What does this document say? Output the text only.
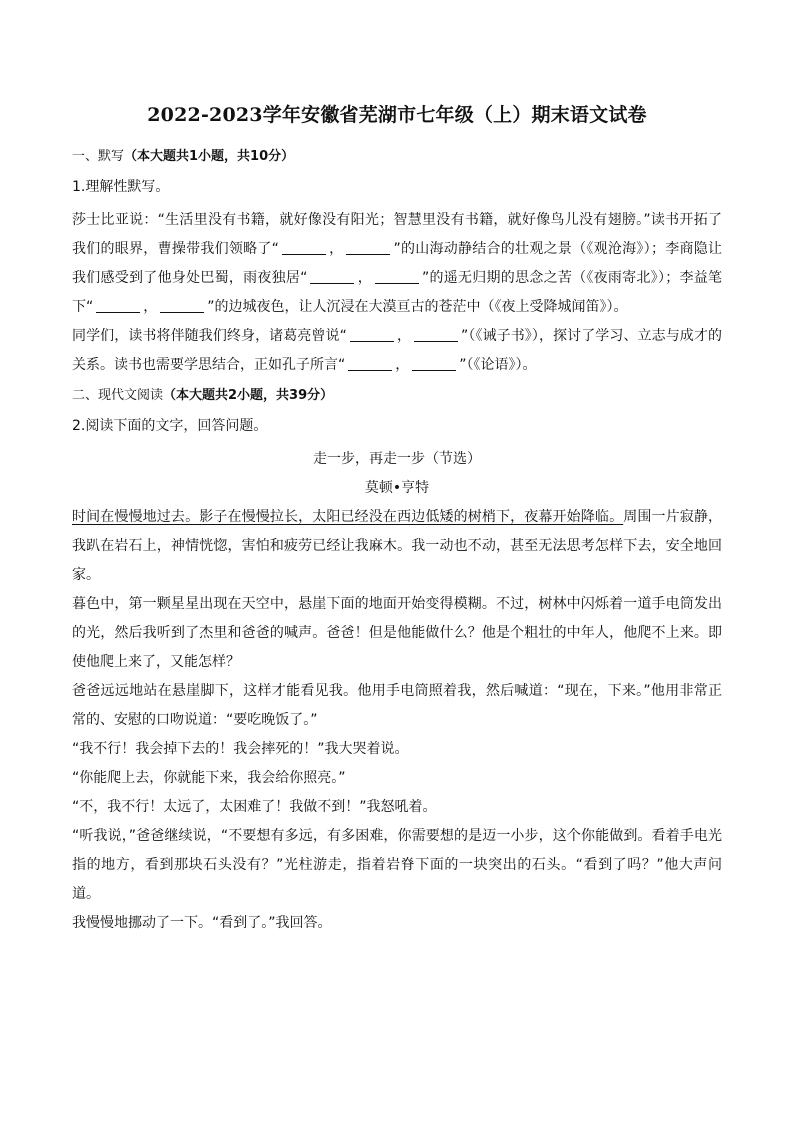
2022-2023学年安徽省芜湖市七年级（上）期末语文试卷
一、默写（本大题共1小题，共10分）
1.理解性默写。

莎士比亚说：“生活里没有书籍，就好像没有阳光；智慧里没有书籍，就好像鸟儿没有翅膀。”读书开拓了我们的眼界，曹操带我们领略了“	，	”的山海动静结合的壮观之景（《观沧海》）；李商隐让我们感受到了他身处巴蜀，雨夜独居“	，	”的遥无归期的思念之苦（《夜雨寄北》）；李益笔下“	，	”的边城夜色，让人沉浸在大漠亘古的苍茫中（《夜上受降城闻笛》）。

同学们，读书将伴随我们终身，诸葛亮曾说“	，	”（《诫子书》），探讨了学习、立志与成才的关系。读书也需要学思结合，正如孔子所言“	，	”（《论语》）。

二、现代文阅读（本大题共2小题，共39分）
2.阅读下面的文字，回答问题。
走一步，再走一步（节选）
莫顿•亨特

时间在慢慢地过去。影子在慢慢拉长，太阳已经没在西边低矮的树梢下，夜幕开始降临。周围一片寂静，我趴在岩石上，神情恍惚，害怕和疲劳已经让我麻木。我一动也不动，甚至无法思考怎样下去，安全地回家。

暮色中，第一颗星星出现在天空中，悬崖下面的地面开始变得模糊。不过，树林中闪烁着一道手电筒发出的光，然后我听到了杰里和爸爸的喊声。爸爸！但是他能做什么？他是个粗壮的中年人，他爬不上来。即使他爬上来了，又能怎样？

爸爸远远地站在悬崖脚下，这样才能看见我。他用手电筒照着我，然后喊道：“现在，下来。”他用非常正常的、安慰的口吻说道：“要吃晚饭了。”

“我不行！我会掉下去的！我会摔死的！”我大哭着说。

“你能爬上去，你就能下来，我会给你照亮。”

“不，我不行！太远了，太困难了！我做不到！”我怒吼着。

“听我说，”爸爸继续说，“不要想有多远，有多困难，你需要想的是迈一小步，这个你能做到。看着手电光指的地方，看到那块石头没有？”光柱游走，指着岩脊下面的一块突出的石头。“看到了吗？”他大声问道。

我慢慢地挪动了一下。“看到了。”我回答。
